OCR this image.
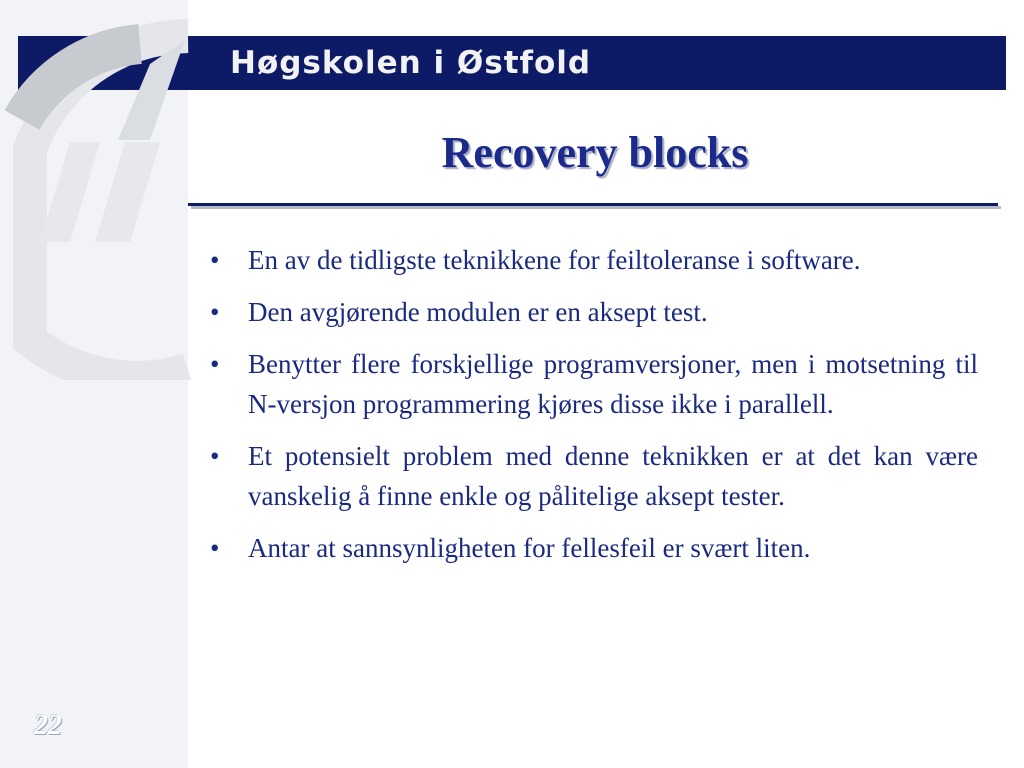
Høgskolen i Østfold
Recovery blocks
• En av de tidligste teknikkene for feiltoleranse i software.
• Den avgjørende modulen er en aksept test.
• Benytter flere forskjellige programversjoner, men i motsetning til N-versjon programmering kjøres disse ikke i parallell.
• Et potensielt problem med denne teknikken er at det kan være vanskelig å finne enkle og pålitelige aksept tester.
• Antar at sannsynligheten for fellesfeil er svært liten.
22
